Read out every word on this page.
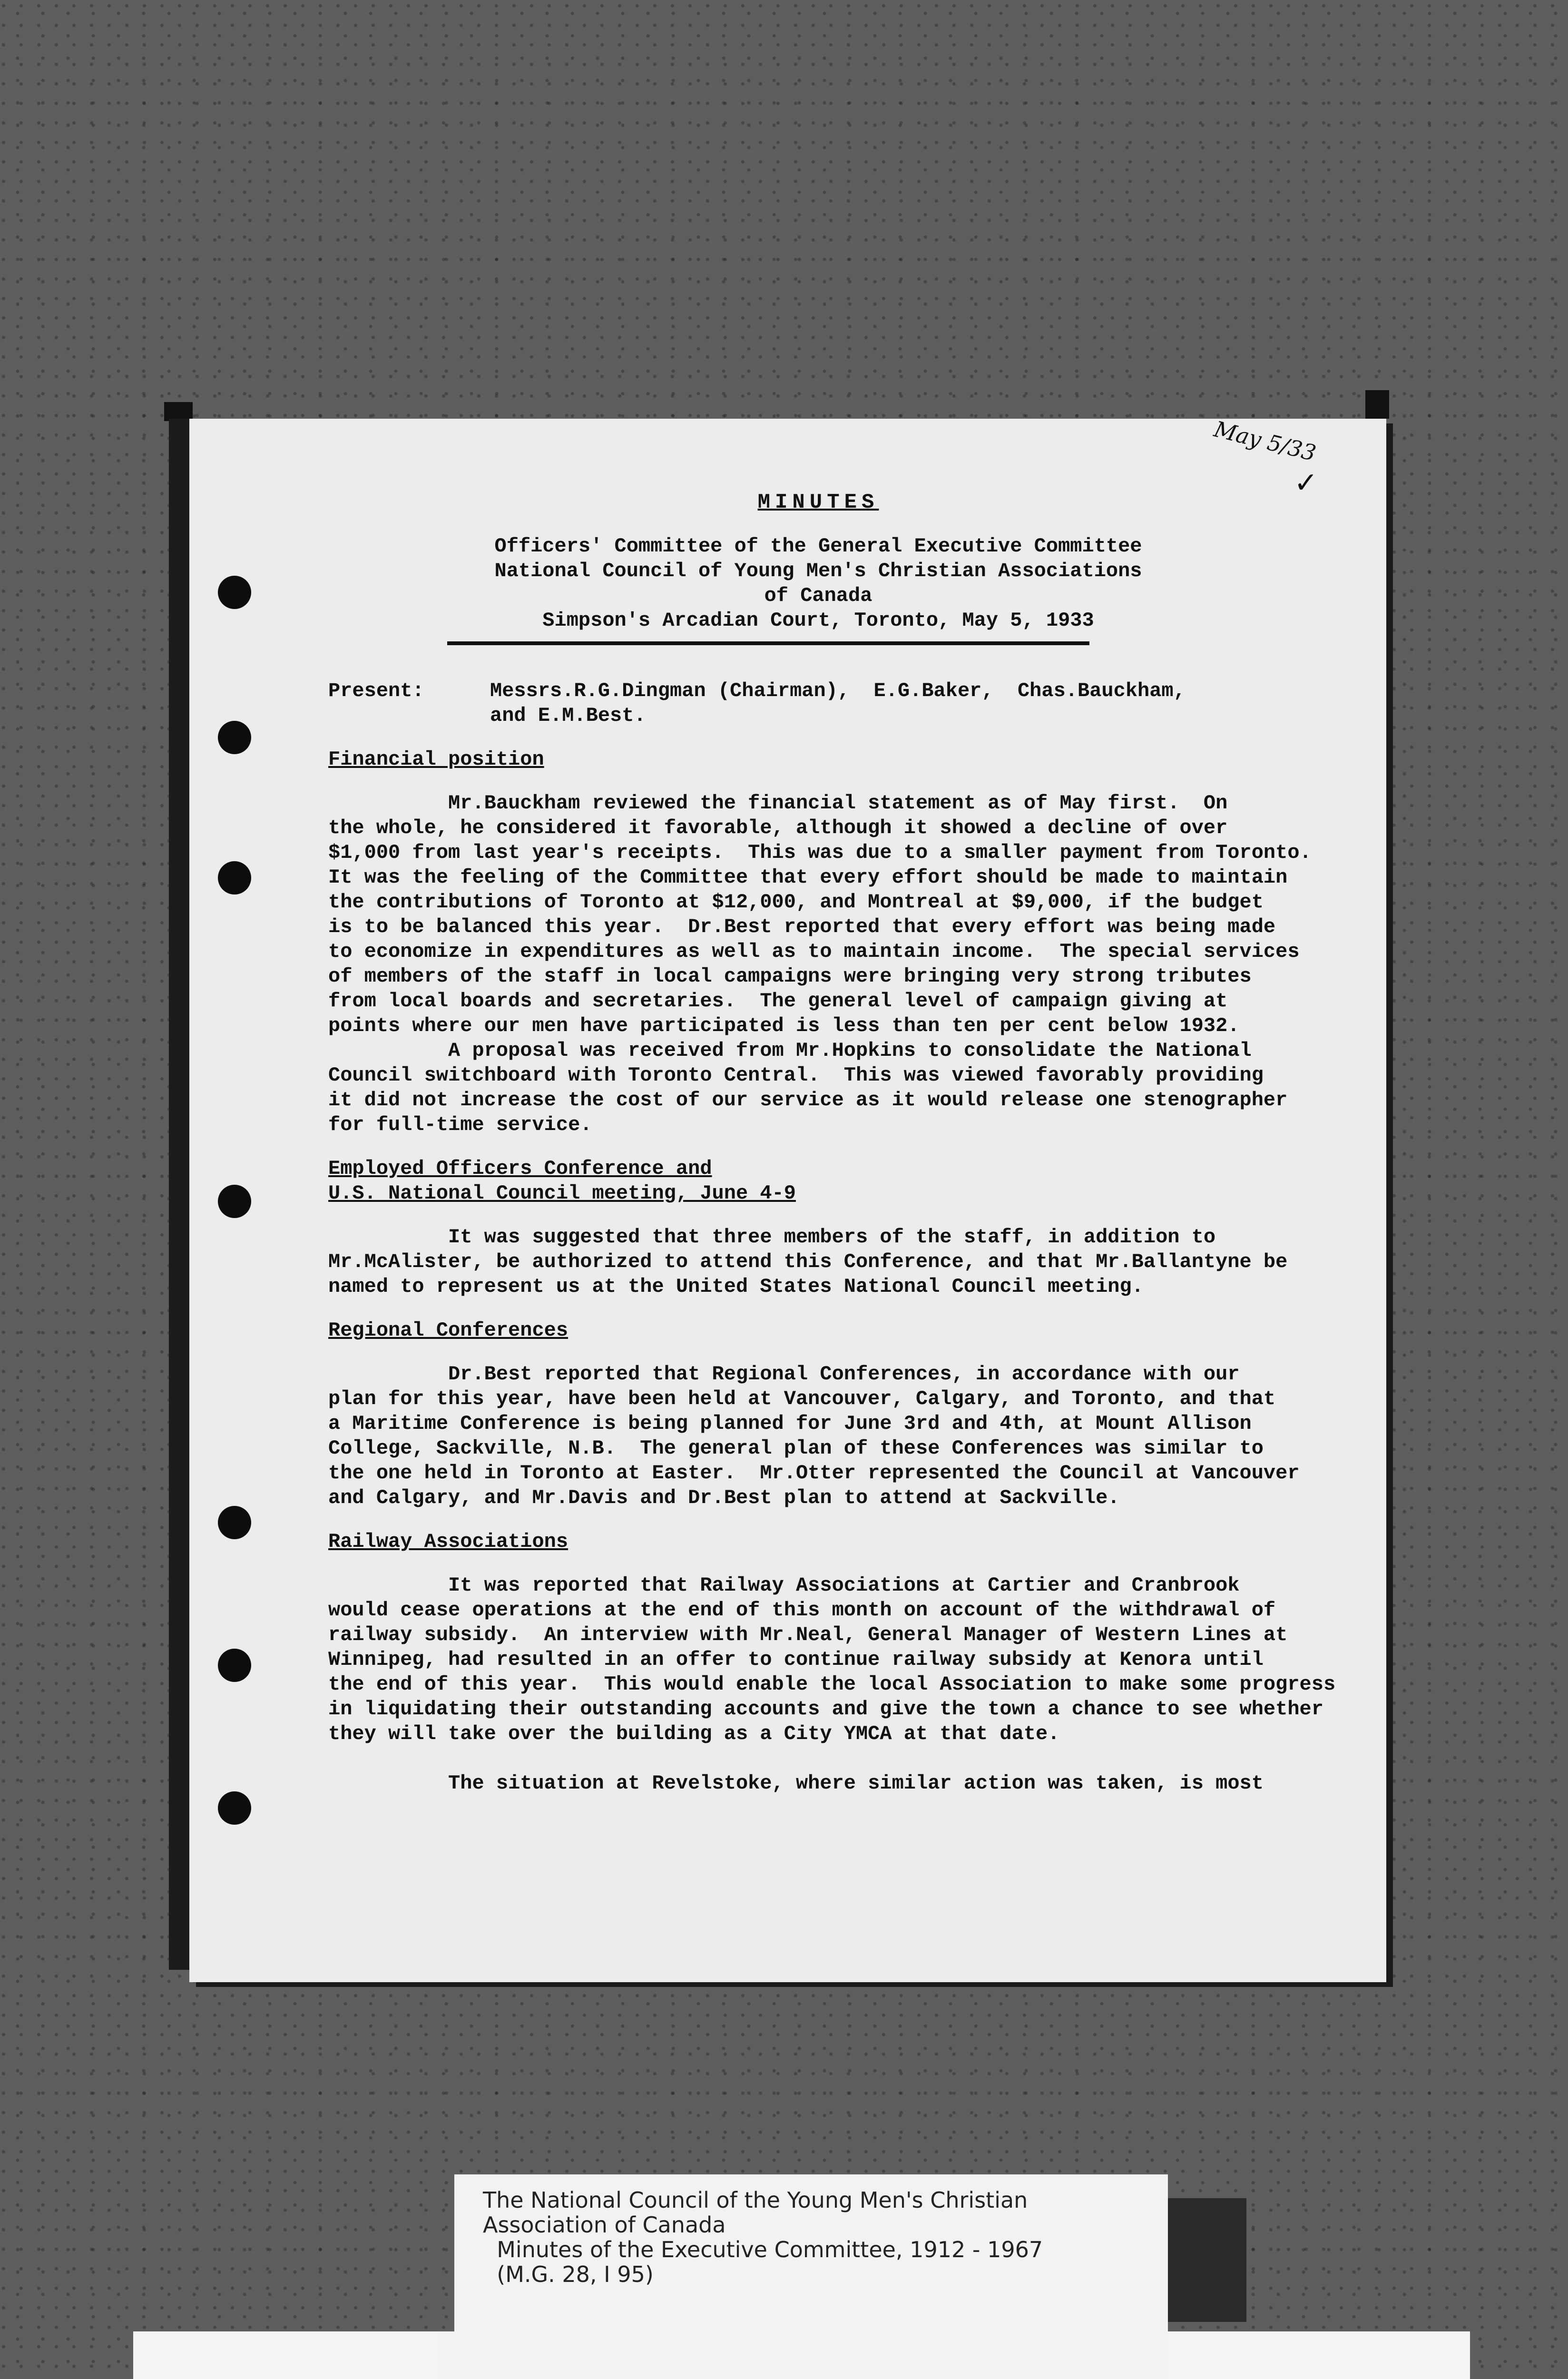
May 5/33
✓
MINUTES
Officers' Committee of the General Executive Committee
National Council of Young Men's Christian Associations
of Canada
Simpson's Arcadian Court, Toronto, May 5, 1933
Present:	Messrs.R.G.Dingman (Chairman),  E.G.Baker,  Chas.Bauckham,
and E.M.Best.
Financial position
Mr.Bauckham reviewed the financial statement as of May first.  On
the whole, he considered it favorable, although it showed a decline of over
$1,000 from last year's receipts.  This was due to a smaller payment from Toronto.
It was the feeling of the Committee that every effort should be made to maintain
the contributions of Toronto at $12,000, and Montreal at $9,000, if the budget
is to be balanced this year.  Dr.Best reported that every effort was being made
to economize in expenditures as well as to maintain income.  The special services
of members of the staff in local campaigns were bringing very strong tributes
from local boards and secretaries.  The general level of campaign giving at
points where our men have participated is less than ten per cent below 1932.
A proposal was received from Mr.Hopkins to consolidate the National
Council switchboard with Toronto Central.  This was viewed favorably providing
it did not increase the cost of our service as it would release one stenographer
for full-time service.
Employed Officers Conference and
U.S. National Council meeting, June 4-9
It was suggested that three members of the staff, in addition to
Mr.McAlister, be authorized to attend this Conference, and that Mr.Ballantyne be
named to represent us at the United States National Council meeting.
Regional Conferences
Dr.Best reported that Regional Conferences, in accordance with our
plan for this year, have been held at Vancouver, Calgary, and Toronto, and that
a Maritime Conference is being planned for June 3rd and 4th, at Mount Allison
College, Sackville, N.B.  The general plan of these Conferences was similar to
the one held in Toronto at Easter.  Mr.Otter represented the Council at Vancouver
and Calgary, and Mr.Davis and Dr.Best plan to attend at Sackville.
Railway Associations
It was reported that Railway Associations at Cartier and Cranbrook
would cease operations at the end of this month on account of the withdrawal of
railway subsidy.  An interview with Mr.Neal, General Manager of Western Lines at
Winnipeg, had resulted in an offer to continue railway subsidy at Kenora until
the end of this year.  This would enable the local Association to make some progress
in liquidating their outstanding accounts and give the town a chance to see whether
they will take over the building as a City YMCA at that date.

The situation at Revelstoke, where similar action was taken, is most
The National Council of the Young Men's Christian
Association of Canada
Minutes of the Executive Committee, 1912 - 1967
(M.G. 28, I 95)
